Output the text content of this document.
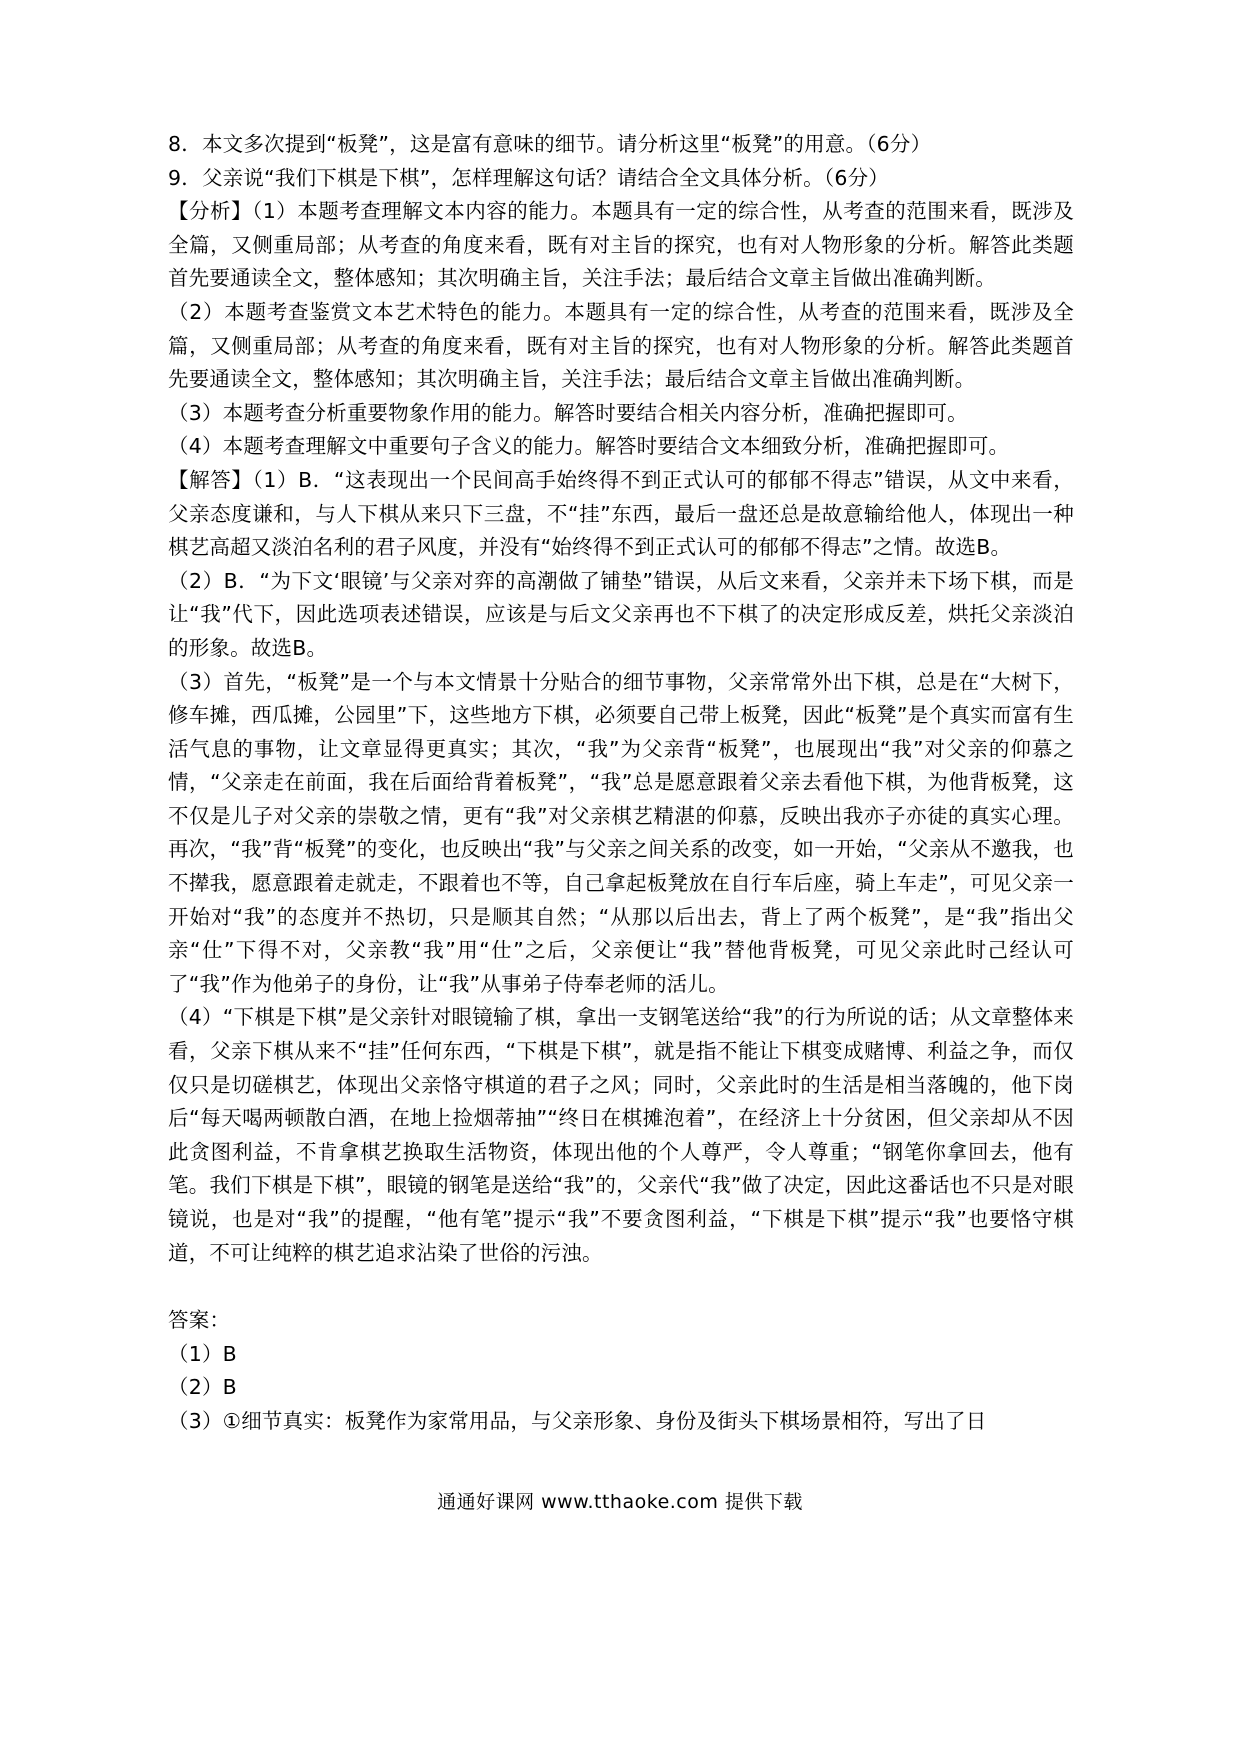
8．本文多次提到“板凳”，这是富有意味的细节。请分析这里“板凳”的用意。（6分）

9．父亲说“我们下棋是下棋”，怎样理解这句话？请结合全文具体分析。（6分）

【分析】（1）本题考查理解文本内容的能力。本题具有一定的综合性，从考查的范围来看，既涉及全篇，又侧重局部；从考查的角度来看，既有对主旨的探究，也有对人物形象的分析。解答此类题首先要通读全文，整体感知；其次明确主旨，关注手法；最后结合文章主旨做出准确判断。

（2）本题考查鉴赏文本艺术特色的能力。本题具有一定的综合性，从考查的范围来看，既涉及全篇，又侧重局部；从考查的角度来看，既有对主旨的探究，也有对人物形象的分析。解答此类题首先要通读全文，整体感知；其次明确主旨，关注手法；最后结合文章主旨做出准确判断。

（3）本题考查分析重要物象作用的能力。解答时要结合相关内容分析，准确把握即可。

（4）本题考查理解文中重要句子含义的能力。解答时要结合文本细致分析，准确把握即可。

【解答】（1）B．“这表现出一个民间高手始终得不到正式认可的郁郁不得志”错误，从文中来看，父亲态度谦和，与人下棋从来只下三盘，不“挂”东西，最后一盘还总是故意输给他人，体现出一种棋艺高超又淡泊名利的君子风度，并没有“始终得不到正式认可的郁郁不得志”之情。故选B。

（2）B．“为下文‘眼镜’与父亲对弈的高潮做了铺垫”错误，从后文来看，父亲并未下场下棋，而是让“我”代下，因此选项表述错误，应该是与后文父亲再也不下棋了的决定形成反差，烘托父亲淡泊的形象。故选B。

（3）首先，“板凳”是一个与本文情景十分贴合的细节事物，父亲常常外出下棋，总是在“大树下，修车摊，西瓜摊，公园里”下，这些地方下棋，必须要自己带上板凳，因此“板凳”是个真实而富有生活气息的事物，让文章显得更真实；其次，“我”为父亲背“板凳”，也展现出“我”对父亲的仰慕之情，“父亲走在前面，我在后面给背着板凳”，“我”总是愿意跟着父亲去看他下棋，为他背板凳，这不仅是儿子对父亲的崇敬之情，更有“我”对父亲棋艺精湛的仰慕，反映出我亦子亦徒的真实心理。再次，“我”背“板凳”的变化，也反映出“我”与父亲之间关系的改变，如一开始，“父亲从不邀我，也不撵我，愿意跟着走就走，不跟着也不等，自己拿起板凳放在自行车后座，骑上车走”，可见父亲一开始对“我”的态度并不热切，只是顺其自然；“从那以后出去，背上了两个板凳”，是“我”指出父亲“仕”下得不对，父亲教“我”用“仕”之后，父亲便让“我”替他背板凳，可见父亲此时己经认可了“我”作为他弟子的身份，让“我”从事弟子侍奉老师的活儿。

（4）“下棋是下棋”是父亲针对眼镜输了棋，拿出一支钢笔送给“我”的行为所说的话；从文章整体来看，父亲下棋从来不“挂”任何东西，“下棋是下棋”，就是指不能让下棋变成赌博、利益之争，而仅仅只是切磋棋艺，体现出父亲恪守棋道的君子之风；同时，父亲此时的生活是相当落魄的，他下岗后“每天喝两顿散白酒，在地上捡烟蒂抽”“终日在棋摊泡着”，在经济上十分贫困，但父亲却从不因此贪图利益，不肯拿棋艺换取生活物资，体现出他的个人尊严，令人尊重；“钢笔你拿回去，他有笔。我们下棋是下棋”，眼镜的钢笔是送给“我”的，父亲代“我”做了决定，因此这番话也不只是对眼镜说，也是对“我”的提醒，“他有笔”提示“我”不要贪图利益，“下棋是下棋”提示“我”也要恪守棋道，不可让纯粹的棋艺追求沾染了世俗的污浊。

答案：

（1）B

（2）B

（3）①细节真实：板凳作为家常用品，与父亲形象、身份及街头下棋场景相符，写出了日

通通好课网 www.tthaoke.com 提供下载
